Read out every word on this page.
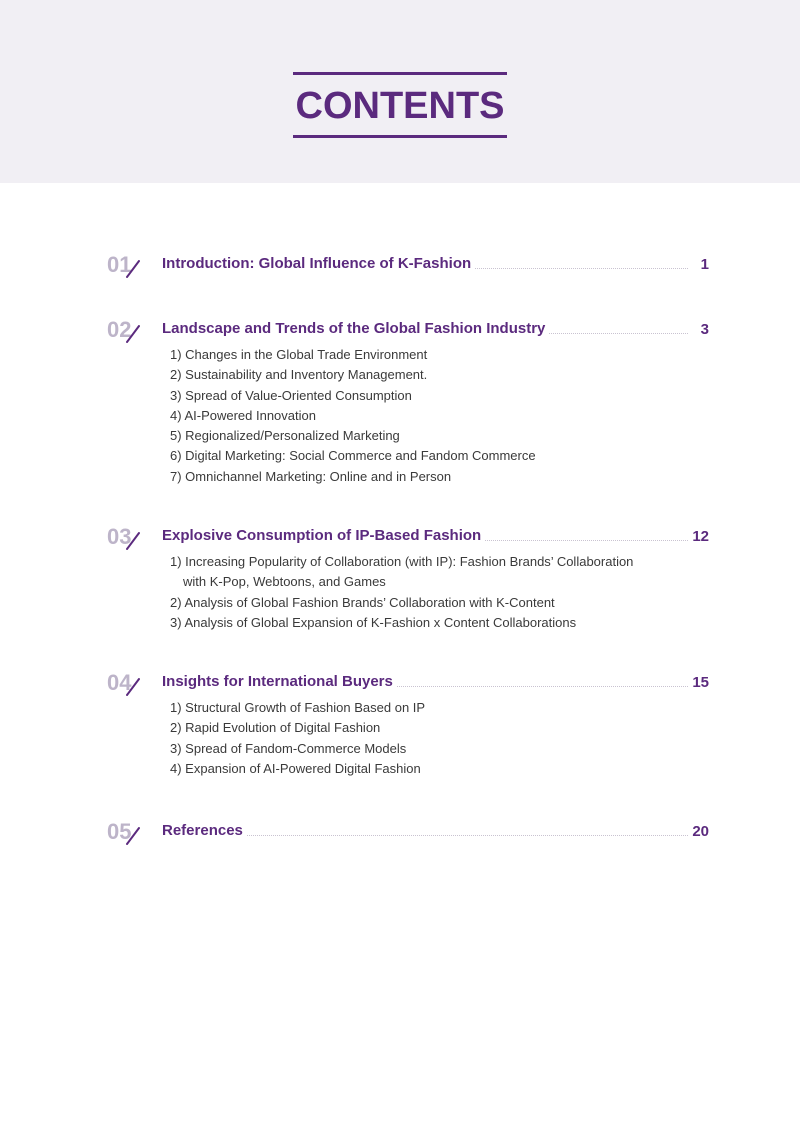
CONTENTS
01	Introduction: Global Influence of K-Fashion	1
02	Landscape and Trends of the Global Fashion Industry	3
1) Changes in the Global Trade Environment
2) Sustainability and Inventory Management.
3) Spread of Value-Oriented Consumption
4) AI-Powered Innovation
5) Regionalized/Personalized Marketing
6) Digital Marketing: Social Commerce and Fandom Commerce
7) Omnichannel Marketing: Online and in Person
03	Explosive Consumption of IP-Based Fashion	12
1) Increasing Popularity of Collaboration (with IP): Fashion Brands’ Collaboration
with K-Pop, Webtoons, and Games
2) Analysis of Global Fashion Brands’ Collaboration with K-Content
3) Analysis of Global Expansion of K-Fashion x Content Collaborations
04	Insights for International Buyers	15
1) Structural Growth of Fashion Based on IP
2) Rapid Evolution of Digital Fashion
3) Spread of Fandom-Commerce Models
4) Expansion of AI-Powered Digital Fashion
05	References	20
